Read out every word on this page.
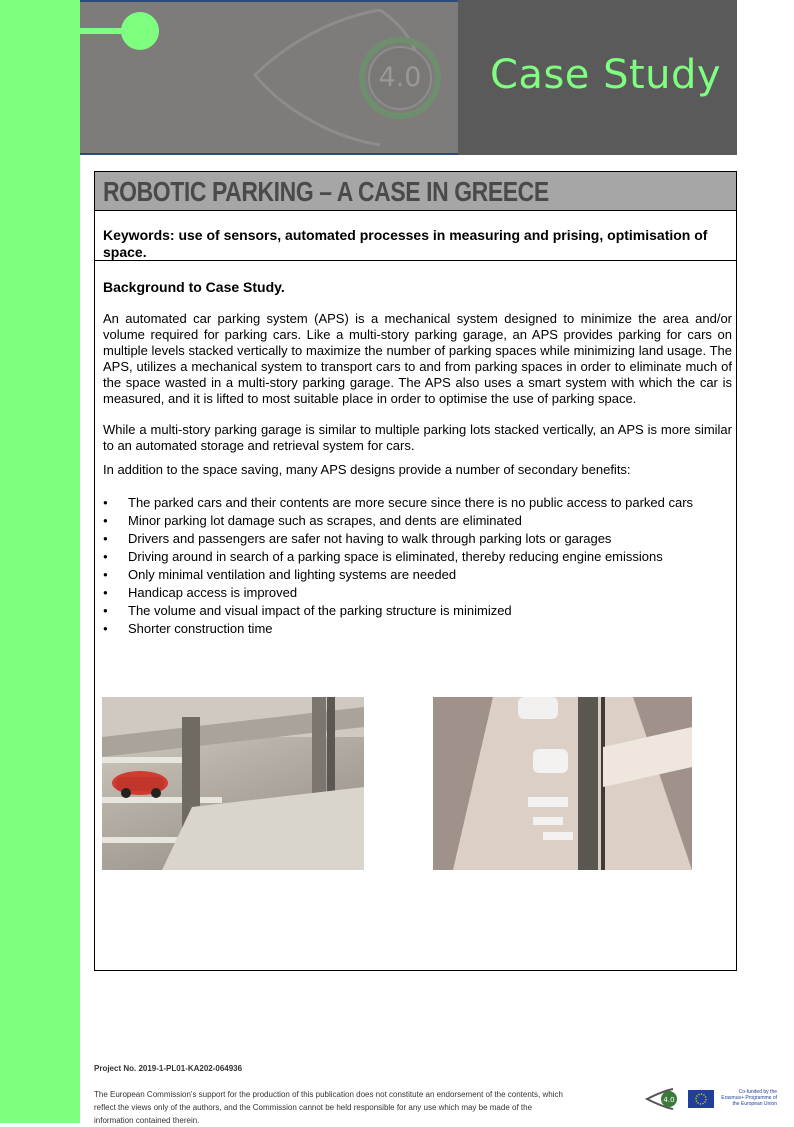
4.0 Case Study
ROBOTIC PARKING – A CASE IN GREECE
Keywords: use of sensors, automated processes in measuring and prising, optimisation of space.
Background to Case Study.

An automated car parking system (APS) is a mechanical system designed to minimize the area and/or volume required for parking cars. Like a multi-story parking garage, an APS provides parking for cars on multiple levels stacked vertically to maximize the number of parking spaces while minimizing land usage. The APS, utilizes a mechanical system to transport cars to and from parking spaces in order to eliminate much of the space wasted in a multi-story parking garage. The APS also uses a smart system with which the car is measured, and it is lifted to most suitable place in order to optimise the use of parking space.

While a multi-story parking garage is similar to multiple parking lots stacked vertically, an APS is more similar to an automated storage and retrieval system for cars.

In addition to the space saving, many APS designs provide a number of secondary benefits:

● The parked cars and their contents are more secure since there is no public access to parked cars
● Minor parking lot damage such as scrapes, and dents are eliminated
● Drivers and passengers are safer not having to walk through parking lots or garages
● Driving around in search of a parking space is eliminated, thereby reducing engine emissions
● Only minimal ventilation and lighting systems are needed
● Handicap access is improved
● The volume and visual impact of the parking structure is minimized
● Shorter construction time
Project No. 2019-1-PL01-KA202-064936
The European Commission's support for the production of this publication does not constitute an endorsement of the contents, which reflect the views only of the authors, and the Commission cannot be held responsible for any use which may be made of the information contained therein.
4.0
Co-funded by the Erasmus+ Programme of the European Union
